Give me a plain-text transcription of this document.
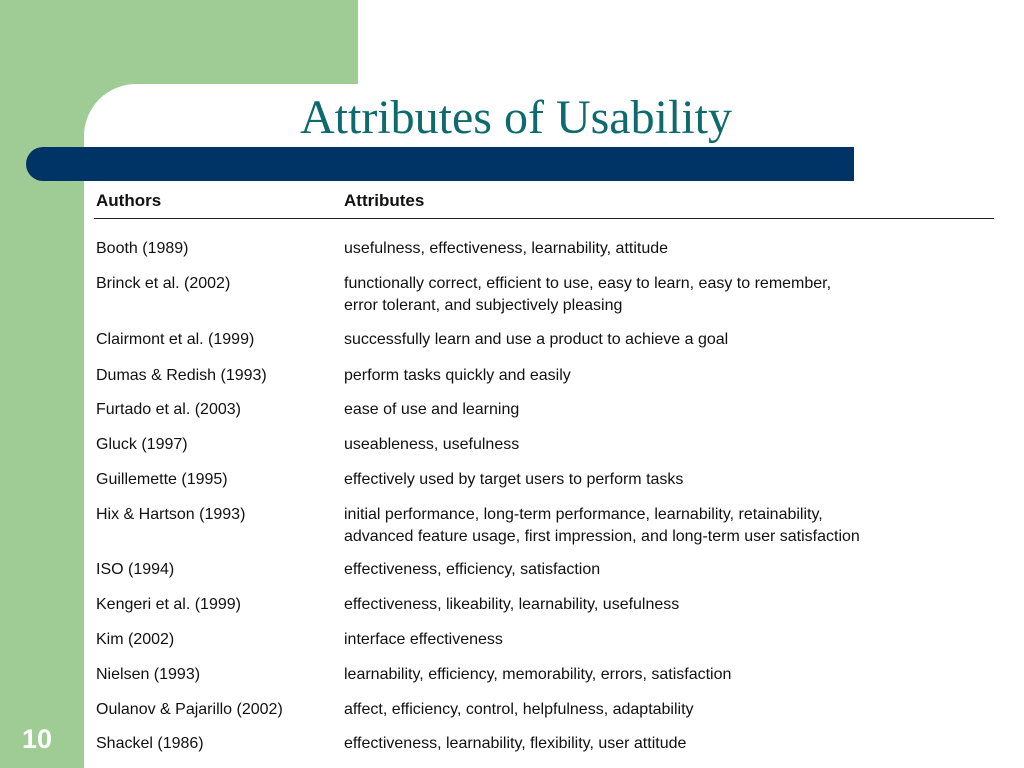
Attributes of Usability
Authors	Attributes
Booth (1989)	usefulness, effectiveness, learnability, attitude
Brinck et al. (2002)	functionally correct, efficient to use, easy to learn, easy to remember,
error tolerant, and subjectively pleasing
Clairmont et al. (1999)	successfully learn and use a product to achieve a goal
Dumas & Redish (1993)	perform tasks quickly and easily
Furtado et al. (2003)	ease of use and learning
Gluck (1997)	useableness, usefulness
Guillemette (1995)	effectively used by target users to perform tasks
Hix & Hartson (1993)	initial performance, long-term performance, learnability, retainability,
advanced feature usage, first impression, and long-term user satisfaction
ISO (1994)	effectiveness, efficiency, satisfaction
Kengeri et al. (1999)	effectiveness, likeability, learnability, usefulness
Kim (2002)	interface effectiveness
Nielsen (1993)	learnability, efficiency, memorability, errors, satisfaction
Oulanov & Pajarillo (2002)	affect, efficiency, control, helpfulness, adaptability
Shackel (1986)	effectiveness, learnability, flexibility, user attitude
10
